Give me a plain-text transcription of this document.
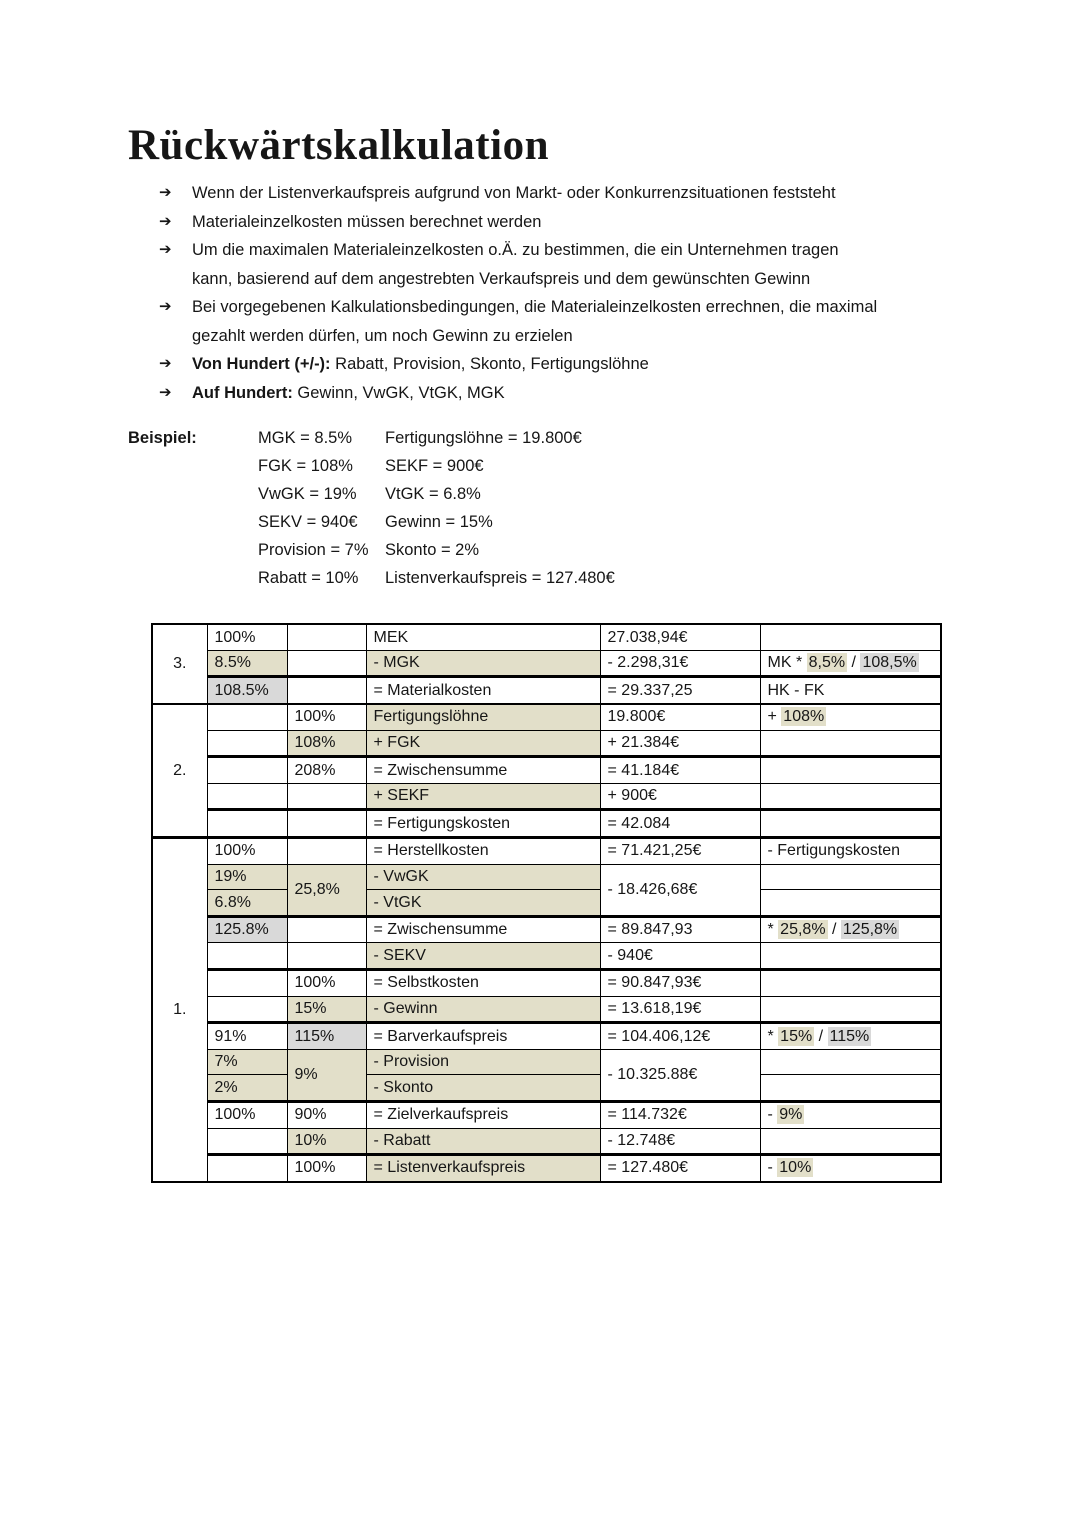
Rückwärtskalkulation
➔	Wenn der Listenverkaufspreis aufgrund von Markt- oder Konkurrenzsituationen feststeht
➔	Materialeinzelkosten müssen berechnet werden
➔	Um die maximalen Materialeinzelkosten o.Ä. zu bestimmen, die ein Unternehmen tragen
kann, basierend auf dem angestrebten Verkaufspreis und dem gewünschten Gewinn
➔	Bei vorgegebenen Kalkulationsbedingungen, die Materialeinzelkosten errechnen, die maximal
gezahlt werden dürfen, um noch Gewinn zu erzielen
➔	Von Hundert (+/-): Rabatt, Provision, Skonto, Fertigungslöhne
➔	Auf Hundert: Gewinn, VwGK, VtGK, MGK
Beispiel:	MGK = 8.5%	Fertigungslöhne = 19.800€
FGK = 108%	SEKF = 900€
VwGK = 19%	VtGK = 6.8%
SEKV = 940€	Gewinn = 15%
Provision = 7% Skonto = 2%
Rabatt = 10%	Listenverkaufspreis = 127.480€
3.	100%		MEK	27.038,94€	
	8.5%		- MGK	- 2.298,31€	MK * 8,5% / 108,5%
	108.5%		= Materialkosten	= 29.337,25	HK - FK
2.		100%	Fertigungslöhne	19.800€	+ 108%
		108%	+ FGK	+ 21.384€	
		208%	= Zwischensumme	= 41.184€	
			+ SEKF	+ 900€	
			= Fertigungskosten	= 42.084	
1.	100%		= Herstellkosten	= 71.421,25€	- Fertigungskosten
	19%	25,8%	- VwGK	- 18.426,68€	
	6.8%		- VtGK		
	125.8%		= Zwischensumme	= 89.847,93	* 25,8% / 125,8%
			- SEKV	- 940€	
		100%	= Selbstkosten	= 90.847,93€	
		15%	- Gewinn	= 13.618,19€	
	91%	115%	= Barverkaufspreis	= 104.406,12€	* 15% / 115%
	7%	9%	- Provision	- 10.325.88€	
	2%		- Skonto		
	100%	90%	= Zielverkaufspreis	= 114.732€	- 9%
		10%	- Rabatt	- 12.748€	
		100%	= Listenverkaufspreis	= 127.480€	- 10%
